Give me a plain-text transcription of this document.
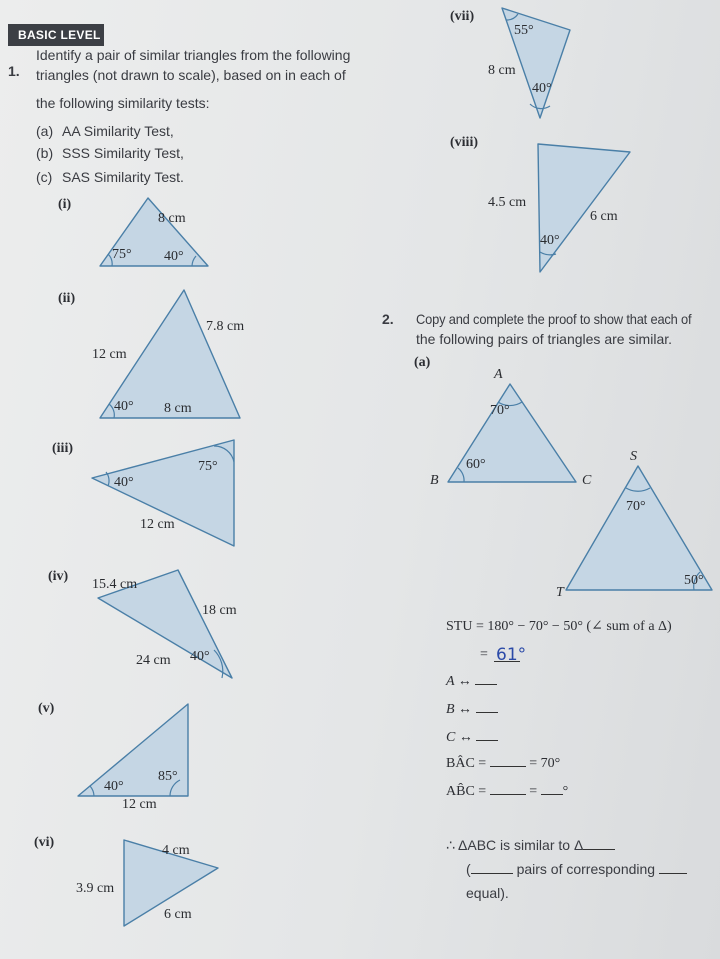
BASIC LEVEL
1.
Identify a pair of similar triangles from the following
triangles (not drawn to scale), based on in each of
the following similarity tests:
(a) AA Similarity Test,
(b) SSS Similarity Test,
(c) SAS Similarity Test.
(i)
(ii)
(iii)
(iv)
(v)
(vi)
(vii)
(viii)
8 cm
75° 40°
7.8 cm
12 cm
40° 8 cm
75°
40°
12 cm
15.4 cm
18 cm
24 cm 40°
40°
85°
12 cm
4 cm
3.9 cm
6 cm
55°
8 cm
40°
4.5 cm
6 cm
40°
A
B	C
70°
60°
S
T
70°
50°
61°
2. Copy and complete the proof to show that each of
the following pairs of triangles are similar.
(a)
STU = 180° − 70° − 50° (∠ sum of a Δ)
=
A ↔
B ↔
C ↔
BÂC =	= 70°
AB̂C =	= °
∴ ΔABC is similar to Δ
(	pairs of corresponding
equal).
